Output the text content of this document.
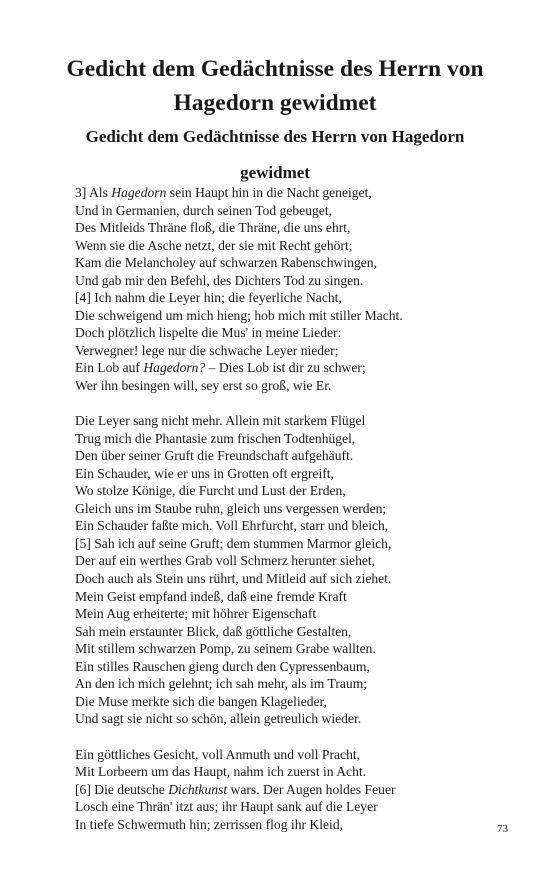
Gedicht dem Gedächtnisse des Herrn von Hagedorn gewidmet
Gedicht dem Gedächtnisse des Herrn von Hagedorn gewidmet
3] Als Hagedorn sein Haupt hin in die Nacht geneiget,
Und in Germanien, durch seinen Tod gebeuget,
Des Mitleids Thräne floß, die Thräne, die uns ehrt,
Wenn sie die Asche netzt, der sie mit Recht gehört;
Kam die Melancholey auf schwarzen Rabenschwingen,
Und gab mir den Befehl, des Dichters Tod zu singen.
[4] Ich nahm die Leyer hin; die feyerliche Nacht,
Die schweigend um mich hieng; hob mich mit stiller Macht.
Doch plötzlich lispelte die Mus' in meine Lieder:
Verwegner! lege nur die schwache Leyer nieder;
Ein Lob auf Hagedorn? – Dies Lob ist dir zu schwer;
Wer ihn besingen will, sey erst so groß, wie Er.
Die Leyer sang nicht mehr. Allein mit starkem Flügel
Trug mich die Phantasie zum frischen Todtenhügel,
Den über seiner Gruft die Freundschaft aufgehäuft.
Ein Schauder, wie er uns in Grotten oft ergreift,
Wo stolze Könige, die Furcht und Lust der Erden,
Gleich uns im Staube ruhn, gleich uns vergessen werden;
Ein Schauder faßte mich. Voll Ehrfurcht, starr und bleich,
[5] Sah ich auf seine Gruft; dem stummen Marmor gleich,
Der auf ein werthes Grab voll Schmerz herunter siehet,
Doch auch als Stein uns rührt, und Mitleid auf sich ziehet.
Mein Geist empfand indeß, daß eine fremde Kraft
Mein Aug erheiterte; mit höhrer Eigenschaft
Sah mein erstaunter Blick, daß göttliche Gestalten,
Mit stillem schwarzen Pomp, zu seinem Grabe wallten.
Ein stilles Rauschen gieng durch den Cypressenbaum,
An den ich mich gelehnt; ich sah mehr, als im Traum;
Die Muse merkte sich die bangen Klagelieder,
Und sagt sie nicht so schön, allein getreulich wieder.
Ein göttliches Gesicht, voll Anmuth und voll Pracht,
Mit Lorbeern um das Haupt, nahm ich zuerst in Acht.
[6] Die deutsche Dichtkunst wars. Der Augen holdes Feuer
Losch eine Thrän' itzt aus; ihr Haupt sank auf die Leyer
In tiefe Schwermuth hin; zerrissen flog ihr Kleid,	73
